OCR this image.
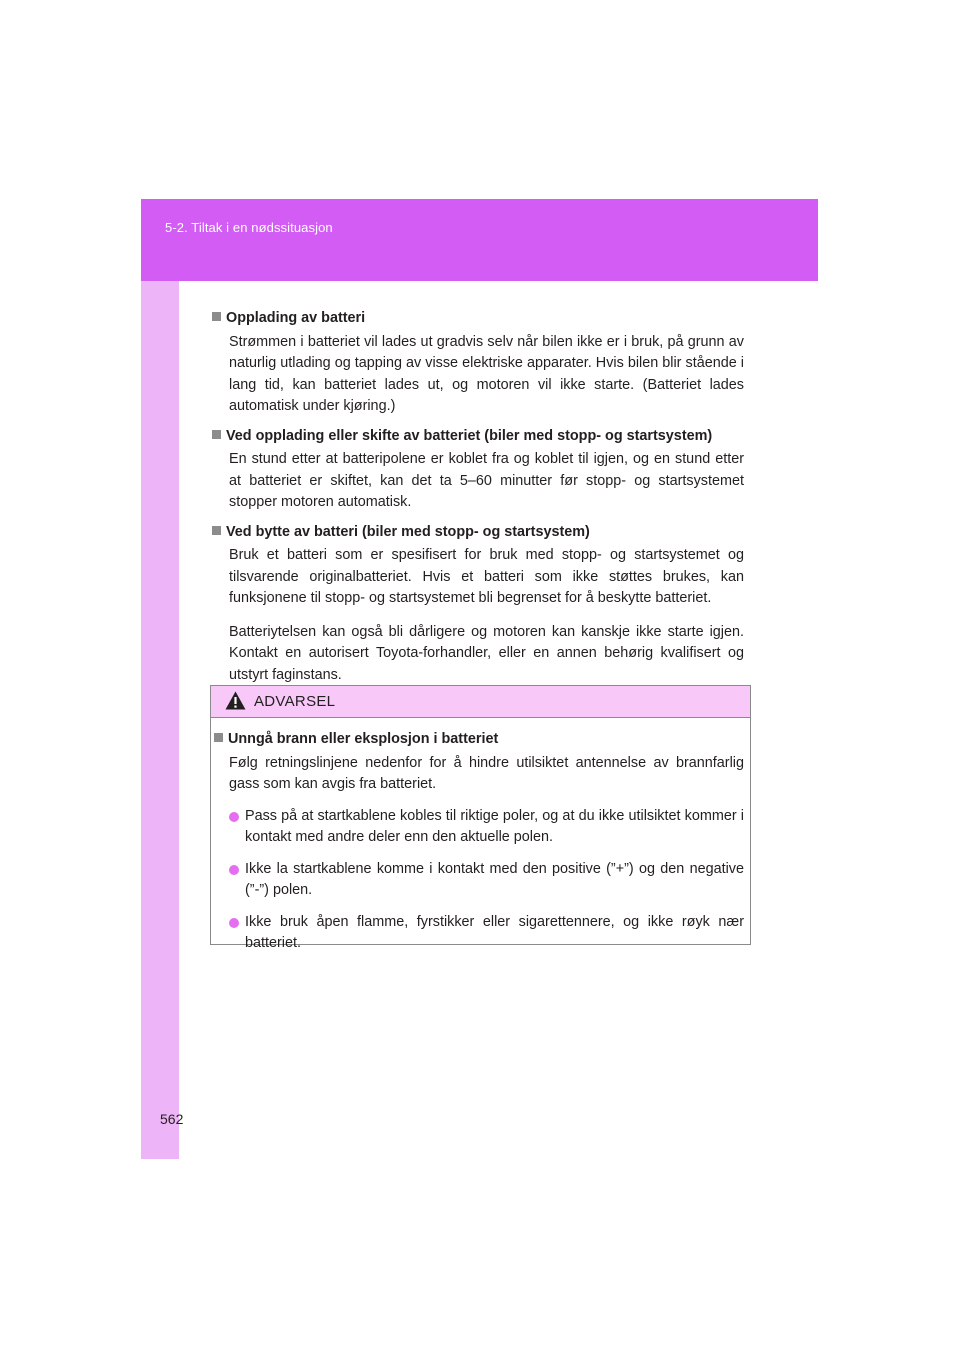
5-2. Tiltak i en nødssituasjon
Opplading av batteri
Strømmen i batteriet vil lades ut gradvis selv når bilen ikke er i bruk, på grunn av naturlig utlading og tapping av visse elektriske apparater. Hvis bilen blir stående i lang tid, kan batteriet lades ut, og motoren vil ikke starte. (Batteriet lades automatisk under kjøring.)
Ved opplading eller skifte av batteriet (biler med stopp- og startsystem)
En stund etter at batteripolene er koblet fra og koblet til igjen, og en stund etter at batteriet er skiftet, kan det ta 5–60 minutter før stopp- og startsystemet stopper motoren automatisk.
Ved bytte av batteri (biler med stopp- og startsystem)
Bruk et batteri som er spesifisert for bruk med stopp- og startsystemet og tilsvarende originalbatteriet. Hvis et batteri som ikke støttes brukes, kan funksjonene til stopp- og startsystemet bli begrenset for å beskytte batteriet.
Batteriytelsen kan også bli dårligere og motoren kan kanskje ikke starte igjen. Kontakt en autorisert Toyota-forhandler, eller en annen behørig kvalifisert og utstyrt faginstans.
ADVARSEL
Unngå brann eller eksplosjon i batteriet
Følg retningslinjene nedenfor for å hindre utilsiktet antennelse av brannfarlig gass som kan avgis fra batteriet.
Pass på at startkablene kobles til riktige poler, og at du ikke utilsiktet kommer i kontakt med andre deler enn den aktuelle polen.
Ikke la startkablene komme i kontakt med den positive (”+”) og den negative (”-”) polen.
Ikke bruk åpen flamme, fyrstikker eller sigarettennere, og ikke røyk nær batteriet.
562
